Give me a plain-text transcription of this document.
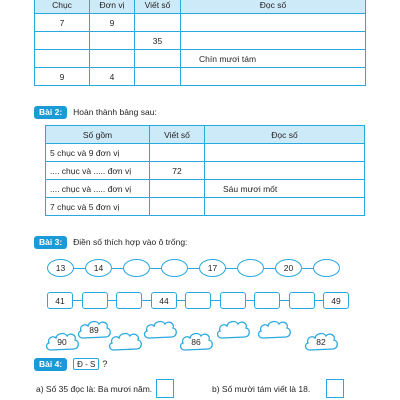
Chục	Đơn vị	Viết số	Đọc số
7	9		
		35	
			Chín mươi tám
9	4		
Bài 2:	Hoàn thành bảng sau:
Số gồm	Viết số	Đọc số
5 chục và 9 đơn vị		
.... chục và ..... đơn vị	72	
.... chục và ..... đơn vị		Sáu mươi mốt
7 chục và 5 đơn vị		
Bài 3:	Điền số thích hợp vào ô trống:
13	14	17	20
41	44	49
90
89
86	82
Bài 4:	Đ - S ?
a) Số 35 đọc là: Ba mươi năm.	b) Số mười tám viết là 18.
